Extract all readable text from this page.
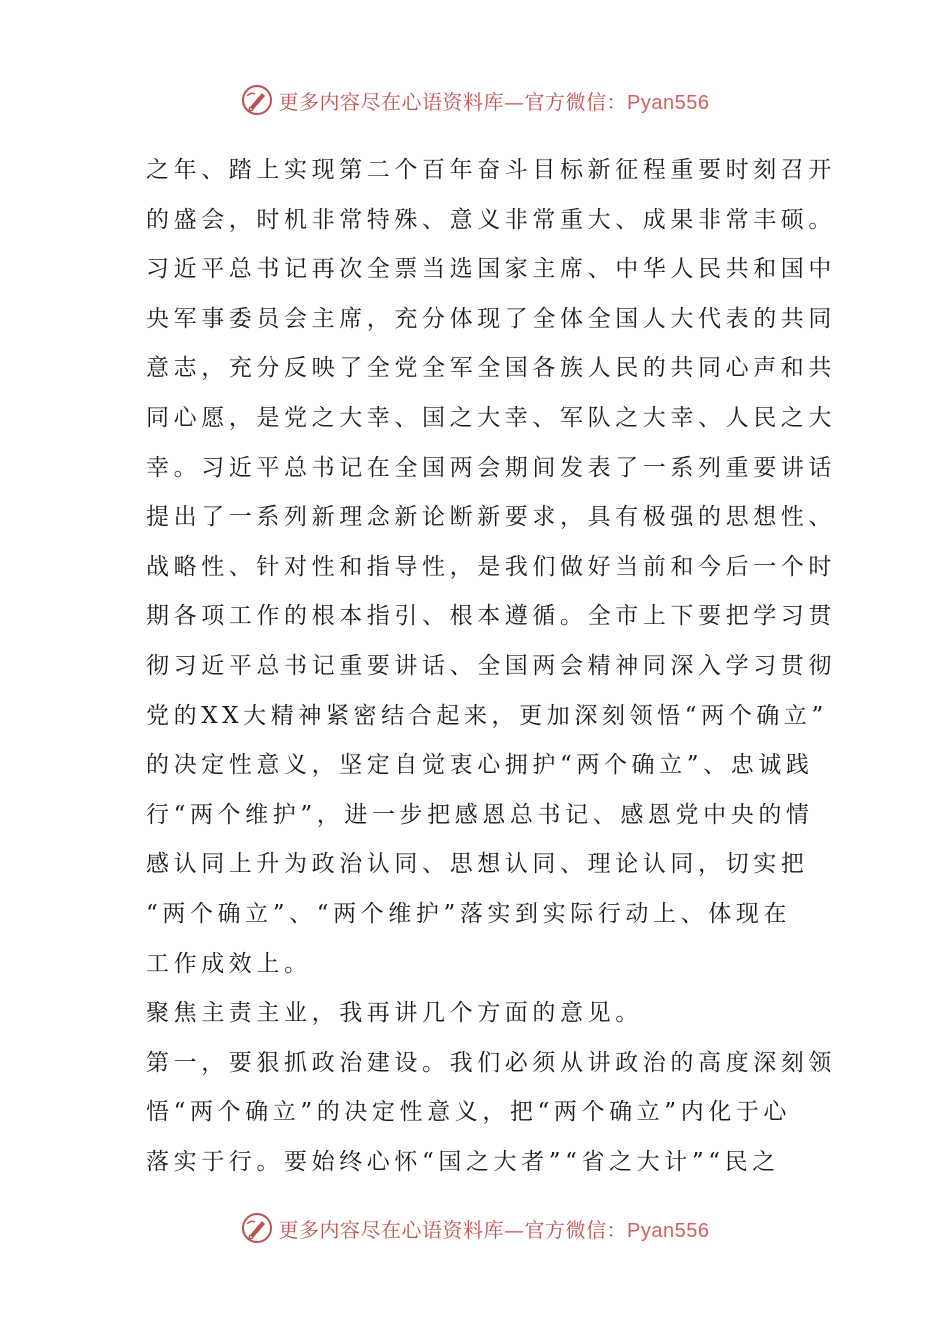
更多内容尽在心语资料库—官方微信：Pyan556
之年、踏上实现第二个百年奋斗目标新征程重要时刻召开
的盛会，时机非常特殊、意义非常重大、成果非常丰硕。
习近平总书记再次全票当选国家主席、中华人民共和国中
央军事委员会主席，充分体现了全体全国人大代表的共同
意志，充分反映了全党全军全国各族人民的共同心声和共
同心愿，是党之大幸、国之大幸、军队之大幸、人民之大
幸。习近平总书记在全国两会期间发表了一系列重要讲话
提出了一系列新理念新论断新要求，具有极强的思想性、
战略性、针对性和指导性，是我们做好当前和今后一个时
期各项工作的根本指引、根本遵循。全市上下要把学习贯
彻习近平总书记重要讲话、全国两会精神同深入学习贯彻
党的XX大精神紧密结合起来，更加深刻领悟“两个确立”
的决定性意义，坚定自觉衷心拥护“两个确立”、忠诚践
行“两个维护”，进一步把感恩总书记、感恩党中央的情
感认同上升为政治认同、思想认同、理论认同，切实把
“两个确立”、“两个维护”落实到实际行动上、体现在
工作成效上。
聚焦主责主业，我再讲几个方面的意见。
第一，要狠抓政治建设。我们必须从讲政治的高度深刻领
悟“两个确立”的决定性意义，把“两个确立”内化于心
落实于行。要始终心怀“国之大者”“省之大计”“民之
更多内容尽在心语资料库—官方微信：Pyan556
